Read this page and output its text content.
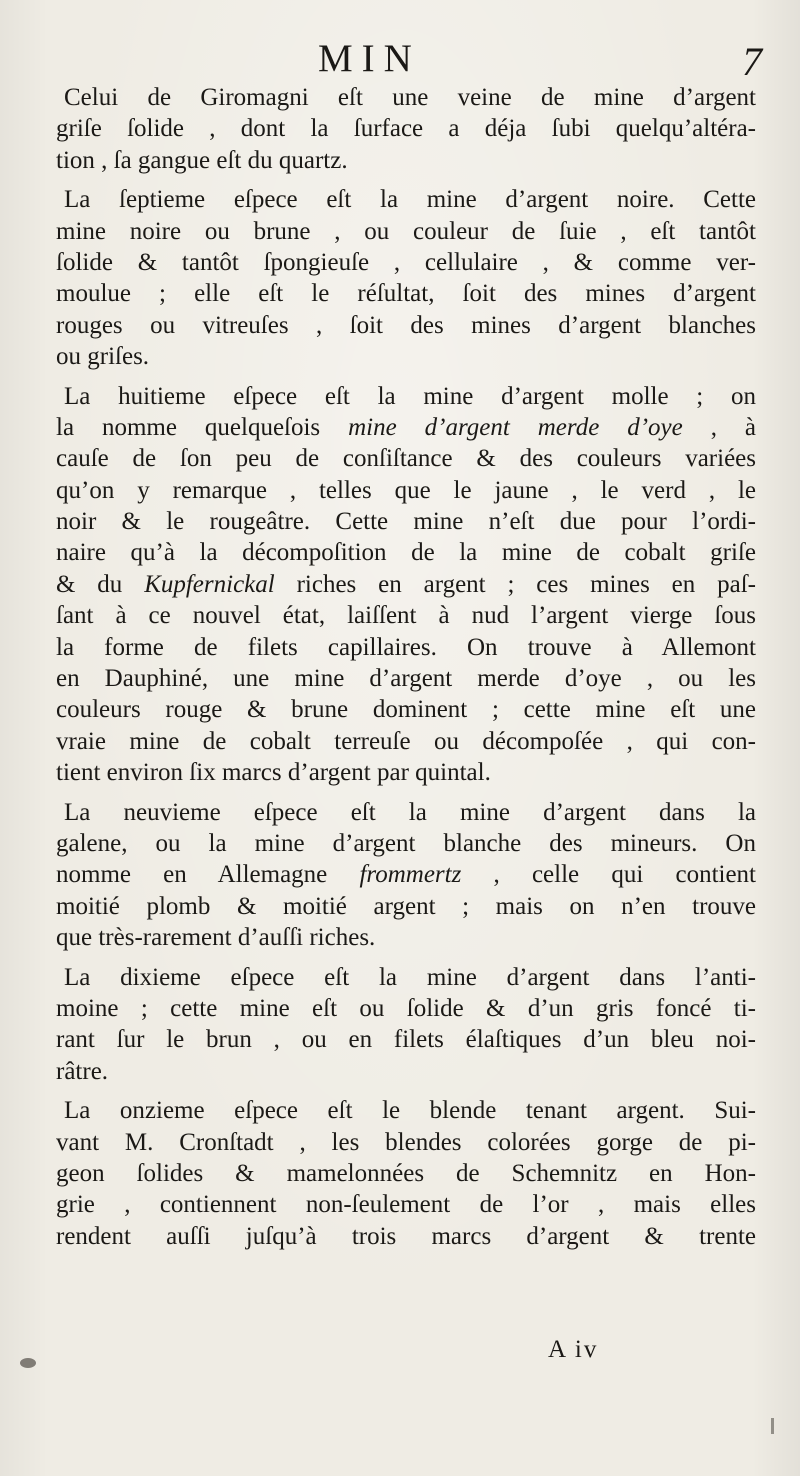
MIN	7
Celui de Giromagni eſt une veine de mine d’argent
griſe ſolide , dont la ſurface a déja ſubi quelqu’altéra-
tion , ſa gangue eſt du quartz.
La ſeptieme eſpece eſt la mine d’argent noire. Cette
mine noire ou brune , ou couleur de ſuie , eſt tantôt
ſolide & tantôt ſpongieuſe , cellulaire , & comme ver-
moulue ; elle eſt le réſultat, ſoit des mines d’argent
rouges ou vitreuſes , ſoit des mines d’argent blanches
ou griſes.
La huitieme eſpece eſt la mine d’argent molle ; on
la nomme quelqueſois mine d’argent merde d’oye , à
cauſe de ſon peu de conſiſtance & des couleurs variées
qu’on y remarque , telles que le jaune , le verd , le
noir & le rougeâtre. Cette mine n’eſt due pour l’ordi-
naire qu’à la décompoſition de la mine de cobalt griſe
& du Kupfernickal riches en argent ; ces mines en paſ-
ſant à ce nouvel état, laiſſent à nud l’argent vierge ſous
la forme de filets capillaires. On trouve à Allemont
en Dauphiné, une mine d’argent merde d’oye , ou les
couleurs rouge & brune dominent ; cette mine eſt une
vraie mine de cobalt terreuſe ou décompoſée , qui con-
tient environ ſix marcs d’argent par quintal.
La neuvieme eſpece eſt la mine d’argent dans la
galene, ou la mine d’argent blanche des mineurs. On
nomme en Allemagne frommertz , celle qui contient
moitié plomb & moitié argent ; mais on n’en trouve
que très-rarement d’auſſi riches.
La dixieme eſpece eſt la mine d’argent dans l’anti-
moine ; cette mine eſt ou ſolide & d’un gris foncé ti-
rant ſur le brun , ou en filets élaſtiques d’un bleu noi-
râtre.
La onzieme eſpece eſt le blende tenant argent. Sui-
vant M. Cronſtadt , les blendes colorées gorge de pi-
geon ſolides & mamelonnées de Schemnitz en Hon-
grie , contiennent non-ſeulement de l’or , mais elles
rendent auſſi juſqu’à trois marcs d’argent & trente
A iv
